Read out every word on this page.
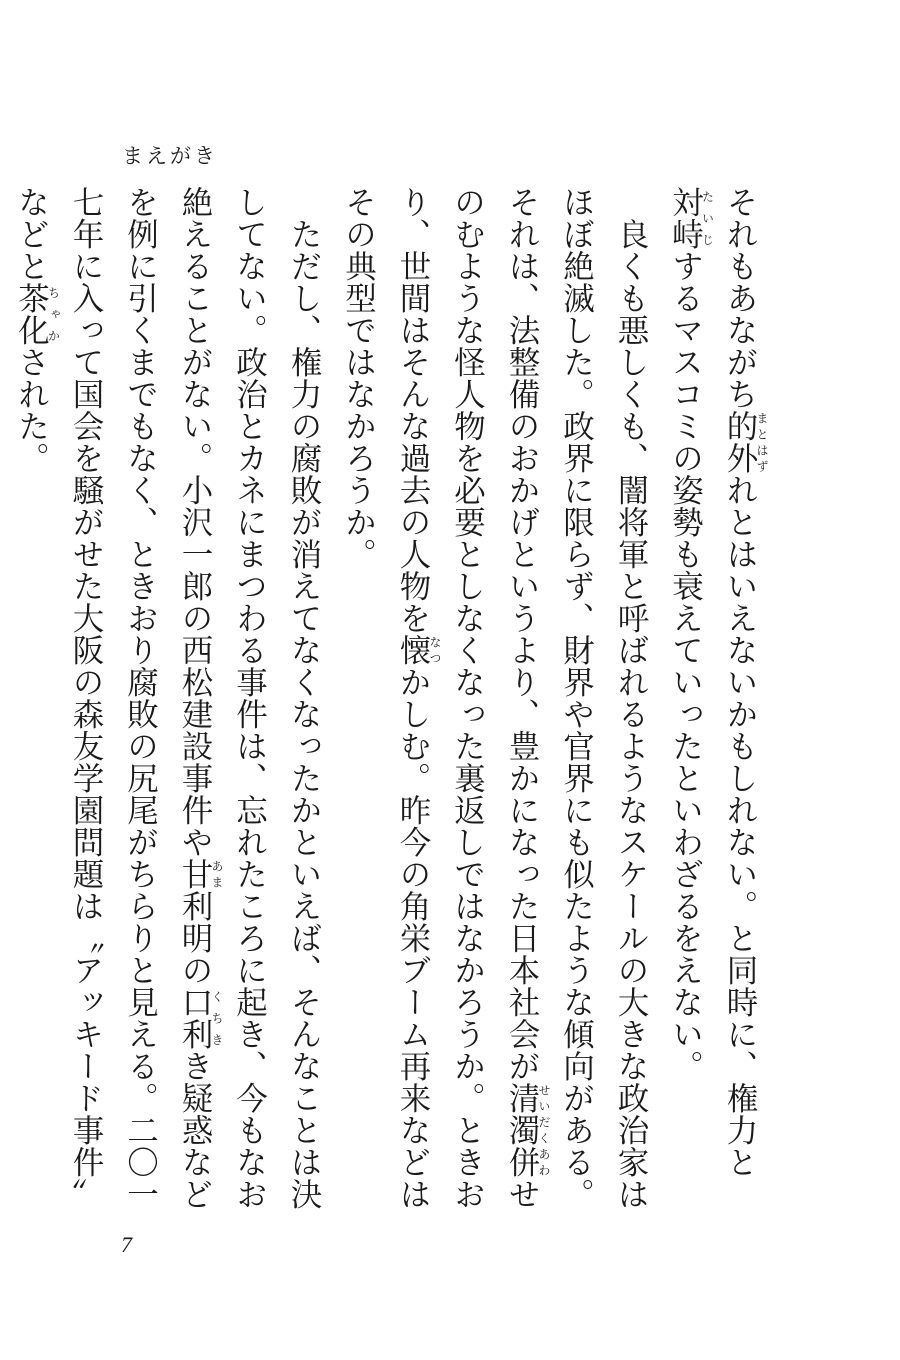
まえがき

それもあながち的外まとはずれとはいえないかもしれない。と同時に、権力と対峙たいじするマスコミの姿勢も衰えていったといわざるをえない。

良くも悪しくも、闇将軍と呼ばれるようなスケールの大きな政治家はほぼ絶滅した。政界に限らず、財界や官界にも似たような傾向がある。それは、法整備のおかげというより、豊かになった日本社会が清濁併せいだくあわせのむような怪人物を必要としなくなった裏返しではなかろうか。ときおり、世間はそんな過去の人物を懐なつかしむ。昨今の角栄ブーム再来などはその典型ではなかろうか。

ただし、権力の腐敗が消えてなくなったかといえば、そんなことは決してない。政治とカネにまつわる事件は、忘れたころに起き、今もなお絶えることがない。小沢一郎の西松建設事件や甘あま利明の口利くちきき疑惑などを例に引くまでもなく、ときおり腐敗の尻尾がちらりと見える。二〇一七年に入って国会を騒がせた大阪の森友学園問題は〝アッキード事件〟などと茶化ちゃかされた。

7
